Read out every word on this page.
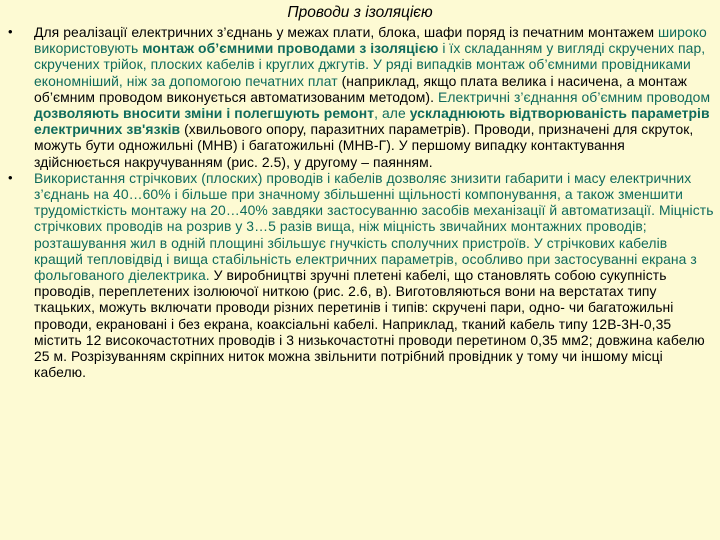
Проводи з ізоляцією
• Для реалізації електричних з’єднань у межах плати, блока, шафи поряд із печатним монтажем широко використовують монтаж об’ємними проводами з ізоляцією і їх складанням у вигляді скручених пар, скручених трійок, плоских кабелів і круглих джгутів. У ряді випадків монтаж об’ємними провідниками економніший, ніж за допомогою печатних плат (наприклад, якщо плата велика і насичена, а монтаж об’ємним проводом виконується автоматизованим методом). Електричні з’єднання об’ємним проводом дозволяють вносити зміни і полегшують ремонт, але ускладнюють відтворюваність параметрів електричних зв'язків (хвильового опору, паразитних параметрів). Проводи, призначені для скруток, можуть бути одножильні (МНВ) і багатожильні (МНВ-Г). У першому випадку контактування здійснюється накручуванням (рис. 2.5), у другому – паянням.
• Використання стрічкових (плоских) проводів і кабелів дозволяє знизити габарити і масу електричних з’єднань на 40…60% і більше при значному збільшенні щільності компонування, а також зменшити трудомісткість монтажу на 20…40% завдяки застосуванню засобів механізації й автоматизації. Міцність стрічкових проводів на розрив у 3…5 разів вища, ніж міцність звичайних монтажних проводів; розташування жил в одній площині збільшує гнучкість сполучних пристроїв. У стрічкових кабелів кращий тепловідвід і вища стабільність електричних параметрів, особливо при застосуванні екрана з фольгованого діелектрика. У виробництві зручні плетені кабелі, що становлять собою сукупність проводів, переплетених ізолюючої ниткою (рис. 2.6, в). Виготовляються вони на верстатах типу ткацьких, можуть включати проводи різних перетинів і типів: скручені пари, одно- чи багатожильні проводи, екрановані і без екрана, коаксіальні кабелі. Наприклад, тканий кабель типу 12В-3Н-0,35 містить 12 високочастотних проводів і 3 низькочастотні проводи перетином 0,35 мм2; довжина кабелю 25 м. Розрізуванням скріпних ниток можна звільнити потрібний провідник у тому чи іншому місці кабелю.
